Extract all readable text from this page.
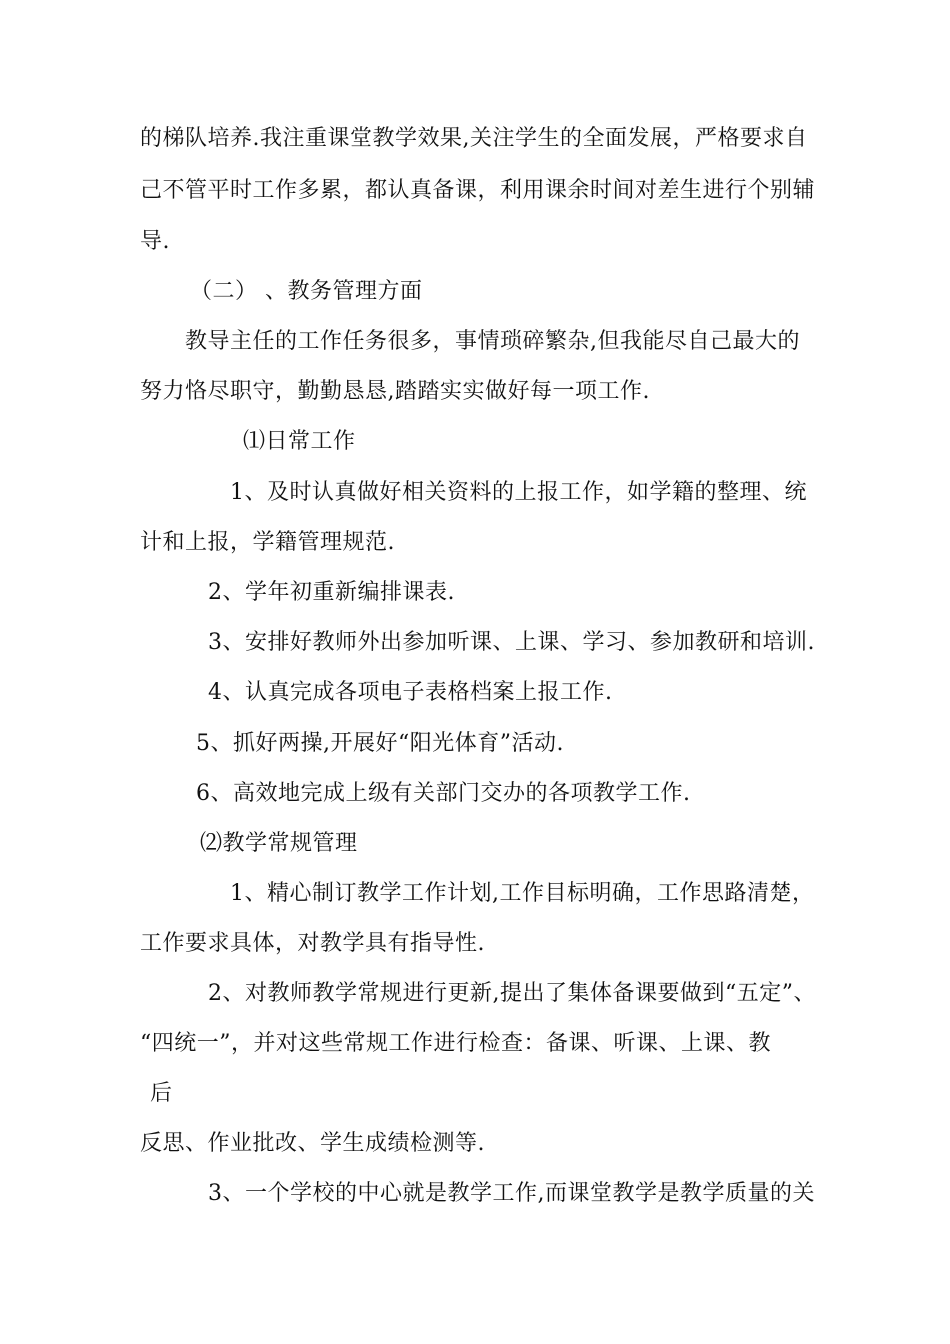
的梯队培养.我注重课堂教学效果,关注学生的全面发展，严格要求自
己不管平时工作多累，都认真备课，利用课余时间对差生进行个别辅
导.
（二） 、教务管理方面
教导主任的工作任务很多，事情琐碎繁杂,但我能尽自己最大的
努力恪尽职守，勤勤恳恳,踏踏实实做好每一项工作.
⑴日常工作
1、及时认真做好相关资料的上报工作，如学籍的整理、统
计和上报，学籍管理规范.
2、学年初重新编排课表.
3、安排好教师外出参加听课、上课、学习、参加教研和培训.
4、认真完成各项电子表格档案上报工作.
5、抓好两操,开展好“阳光体育”活动.
6、高效地完成上级有关部门交办的各项教学工作.
⑵教学常规管理
1、精心制订教学工作计划,工作目标明确，工作思路清楚，
工作要求具体，对教学具有指导性.
2、对教师教学常规进行更新,提出了集体备课要做到“五定”、
“四统一”，并对这些常规工作进行检查：备课、听课、上课、教
后
反思、作业批改、学生成绩检测等.
3、一个学校的中心就是教学工作,而课堂教学是教学质量的关
